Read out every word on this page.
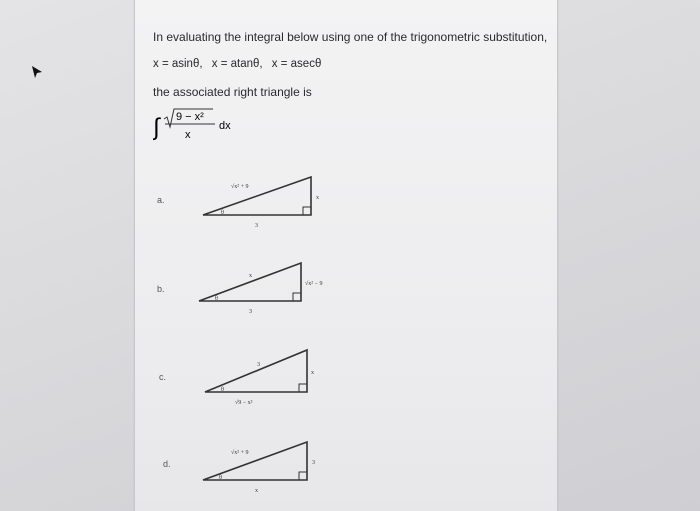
In evaluating the integral below using one of the trigonometric substitution,
x = asinθ, x = atanθ, x = asecθ
the associated right triangle is
∫ 9 − x²
x
dx
a.
θ
√x² + 9
x
3
b.
θ
x
√x² − 9
3
c.
θ
3
x
√9 − x²
d.
θ
√x² + 9
3
x
